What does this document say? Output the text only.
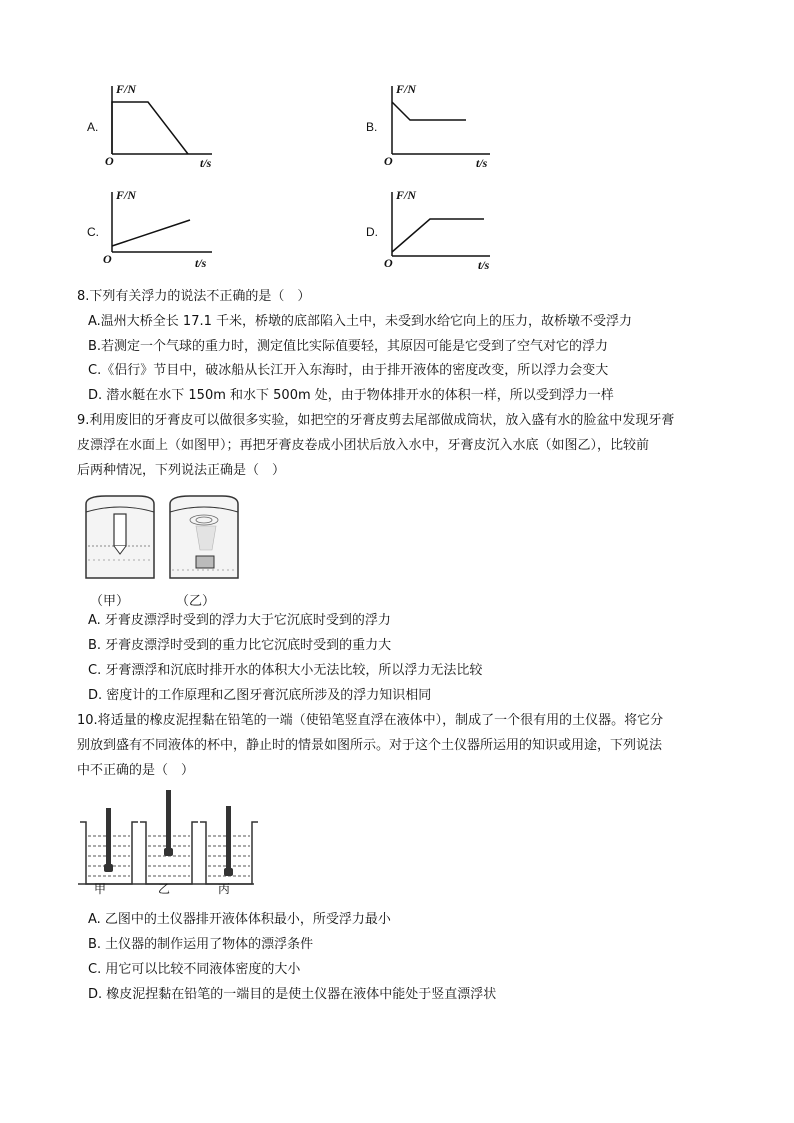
A.
F/N
t/s
O
B.
F/N
t/s
O
C.
F/N
t/s
O
D.
F/N
t/s
O
8.下列有关浮力的说法不正确的是（　）
A.温州大桥全长 17.1 千米，桥墩的底部陷入土中，未受到水给它向上的压力，故桥墩不受浮力
B.若测定一个气球的重力时，测定值比实际值要轻，其原因可能是它受到了空气对它的浮力
C.《侣行》节目中，破冰船从长江开入东海时，由于排开液体的密度改变，所以浮力会变大
D. 潜水艇在水下 150m 和水下 500m 处，由于物体排开水的体积一样，所以受到浮力一样
9.利用废旧的牙膏皮可以做很多实验，如把空的牙膏皮剪去尾部做成筒状，放入盛有水的脸盆中发现牙膏
皮漂浮在水面上（如图甲）；再把牙膏皮卷成小团状后放入水中，牙膏皮沉入水底（如图乙），比较前
后两种情况，下列说法正确是（　）
（甲）	（乙）
A. 牙膏皮漂浮时受到的浮力大于它沉底时受到的浮力
B. 牙膏皮漂浮时受到的重力比它沉底时受到的重力大
C. 牙膏漂浮和沉底时排开水的体积大小无法比较，所以浮力无法比较
D. 密度计的工作原理和乙图牙膏沉底所涉及的浮力知识相同
10.将适量的橡皮泥捏黏在铅笔的一端（使铅笔竖直浮在液体中），制成了一个很有用的土仪器。将它分
别放到盛有不同液体的杯中，静止时的情景如图所示。对于这个土仪器所运用的知识或用途，下列说法
中不正确的是（　）
甲	乙	丙
A. 乙图中的土仪器排开液体体积最小，所受浮力最小
B. 土仪器的制作运用了物体的漂浮条件
C. 用它可以比较不同液体密度的大小
D. 橡皮泥捏黏在铅笔的一端目的是使土仪器在液体中能处于竖直漂浮状
